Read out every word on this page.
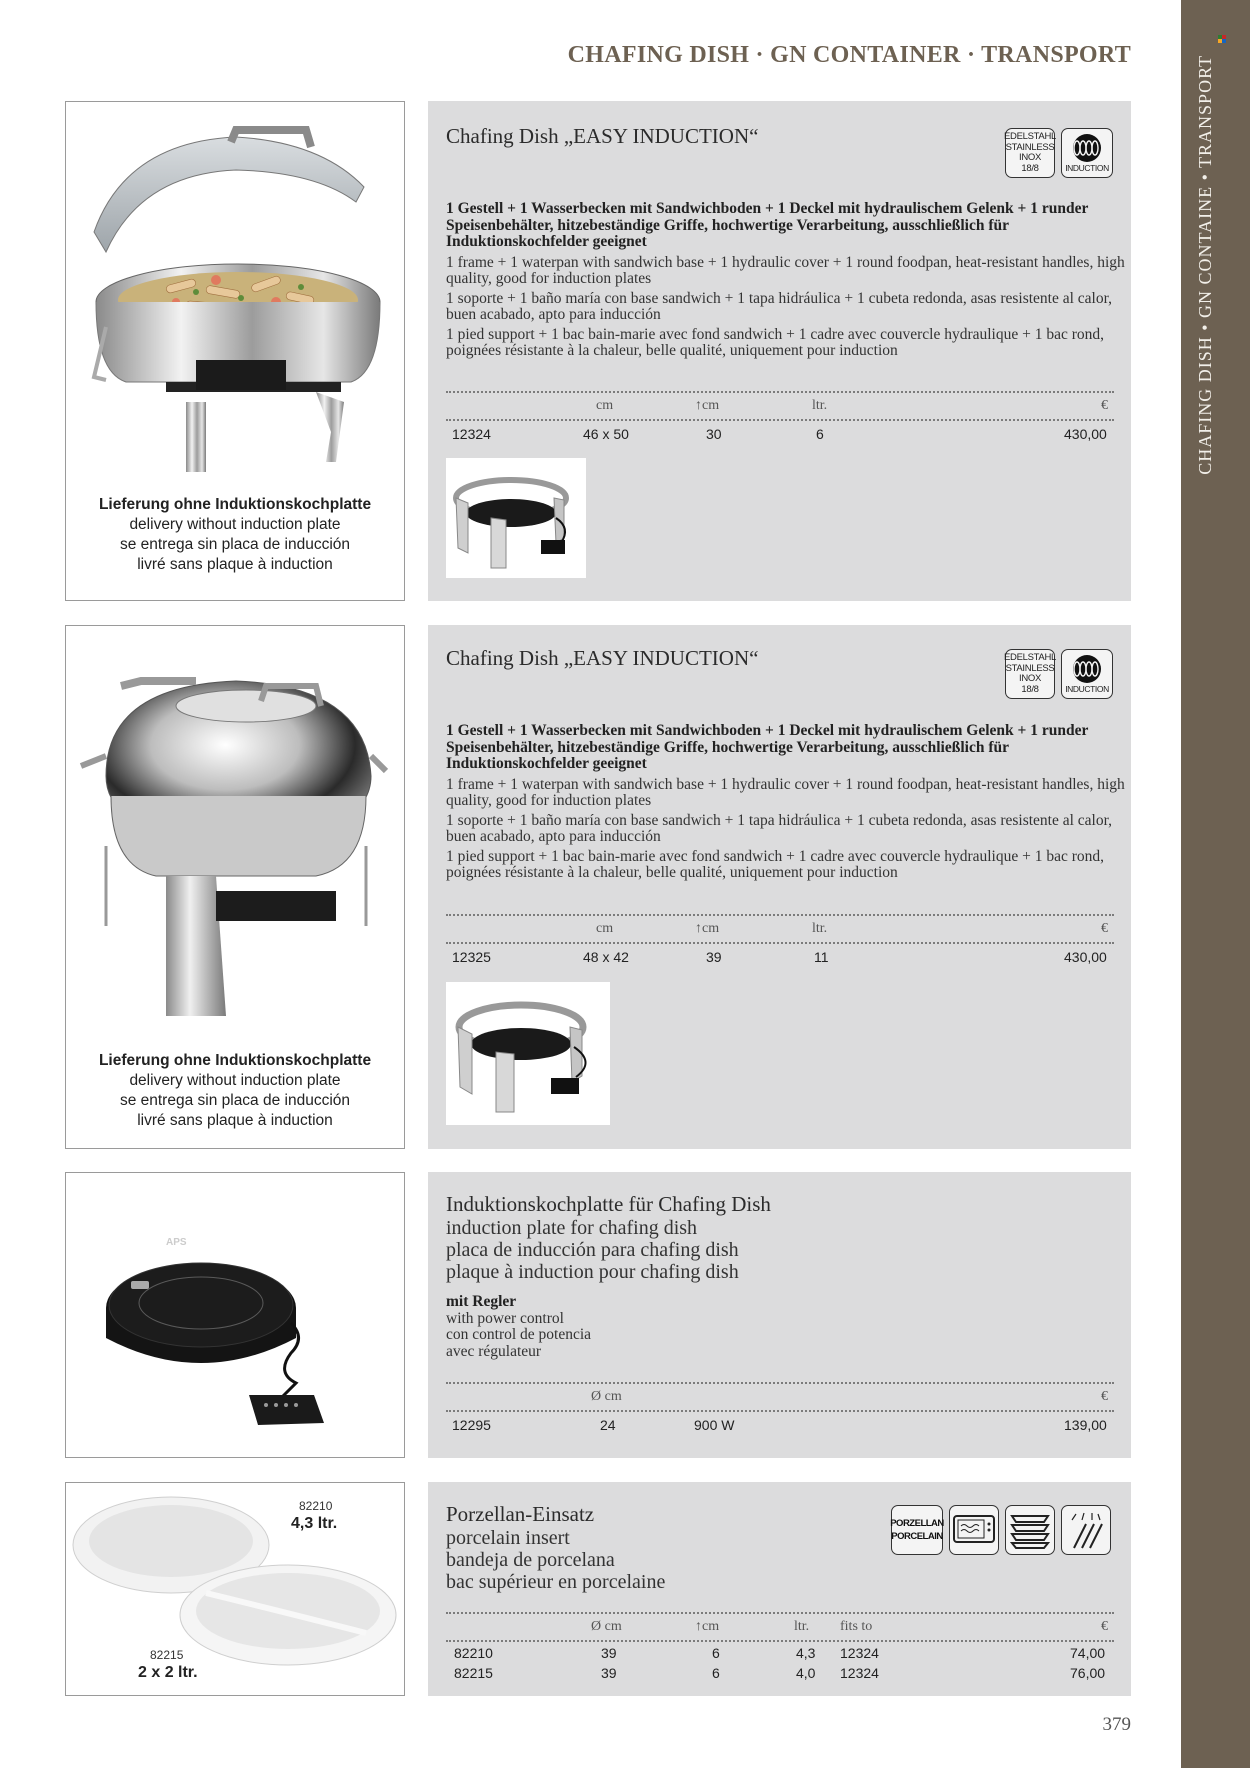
CHAFING DISH • GN CONTAINE • TRANSPORT
CHAFING DISH · GN CONTAINER · TRANSPORT
Lieferung ohne Induktionskochplatte
delivery without induction plate
se entrega sin placa de inducción
livré sans plaque à induction
Chafing Dish „EASY INDUCTION“	EDELSTAHL
STAINLESS
INOX
18/8	INDUCTION
1 Gestell + 1 Wasserbecken mit Sandwichboden + 1 Deckel mit hydraulischem Gelenk + 1 runder Speisenbehälter, hitzebeständige Griffe, hochwertige Verarbeitung, ausschließlich für Induktionskochfelder geeignet
1 frame + 1 waterpan with sandwich base + 1 hydraulic cover + 1 round foodpan, heat-resistant handles, high quality, good for induction plates
1 soporte + 1 baño maría con base sandwich + 1 tapa hidráulica + 1 cubeta redonda, asas resistente al calor, buen acabado, apto para inducción
1 pied support + 1 bac bain-marie avec fond sandwich + 1 cadre avec couvercle hydraulique + 1 bac rond, poignées résistante à la chaleur, belle qualité, uniquement pour induction
cm	↑cm	ltr.	€
12324	46 x 50	30	6	430,00
Lieferung ohne Induktionskochplatte
delivery without induction plate
se entrega sin placa de inducción
livré sans plaque à induction
Chafing Dish „EASY INDUCTION“	EDELSTAHL
STAINLESS
INOX
18/8	INDUCTION
1 Gestell + 1 Wasserbecken mit Sandwichboden + 1 Deckel mit hydraulischem Gelenk + 1 runder Speisenbehälter, hitzebeständige Griffe, hochwertige Verarbeitung, ausschließlich für Induktionskochfelder geeignet
1 frame + 1 waterpan with sandwich base + 1 hydraulic cover + 1 round foodpan, heat-resistant handles, high quality, good for induction plates
1 soporte + 1 baño maría con base sandwich + 1 tapa hidráulica + 1 cubeta redonda, asas resistente al calor, buen acabado, apto para inducción
1 pied support + 1 bac bain-marie avec fond sandwich + 1 cadre avec couvercle hydraulique + 1 bac rond, poignées résistante à la chaleur, belle qualité, uniquement pour induction
cm	↑cm	ltr.	€
12325	48 x 42	39	11	430,00
APS
Induktionskochplatte für Chafing Dish
induction plate for chafing dish
placa de inducción para chafing dish
plaque à induction pour chafing dish
mit Regler
with power control
con control de potencia
avec régulateur
Ø cm	€
12295	24	900 W	139,00
82210
4,3 ltr.
82215
2 x 2 ltr.
Porzellan-Einsatz
porcelain insert
bandeja de porcelana
bac supérieur en porcelaine
PORZELLAN
PORCELAIN
Ø cm	↑cm	ltr. fits to	€
82210	39	6	4,3 12324	74,00
82215	39	6	4,0 12324	76,00
379
